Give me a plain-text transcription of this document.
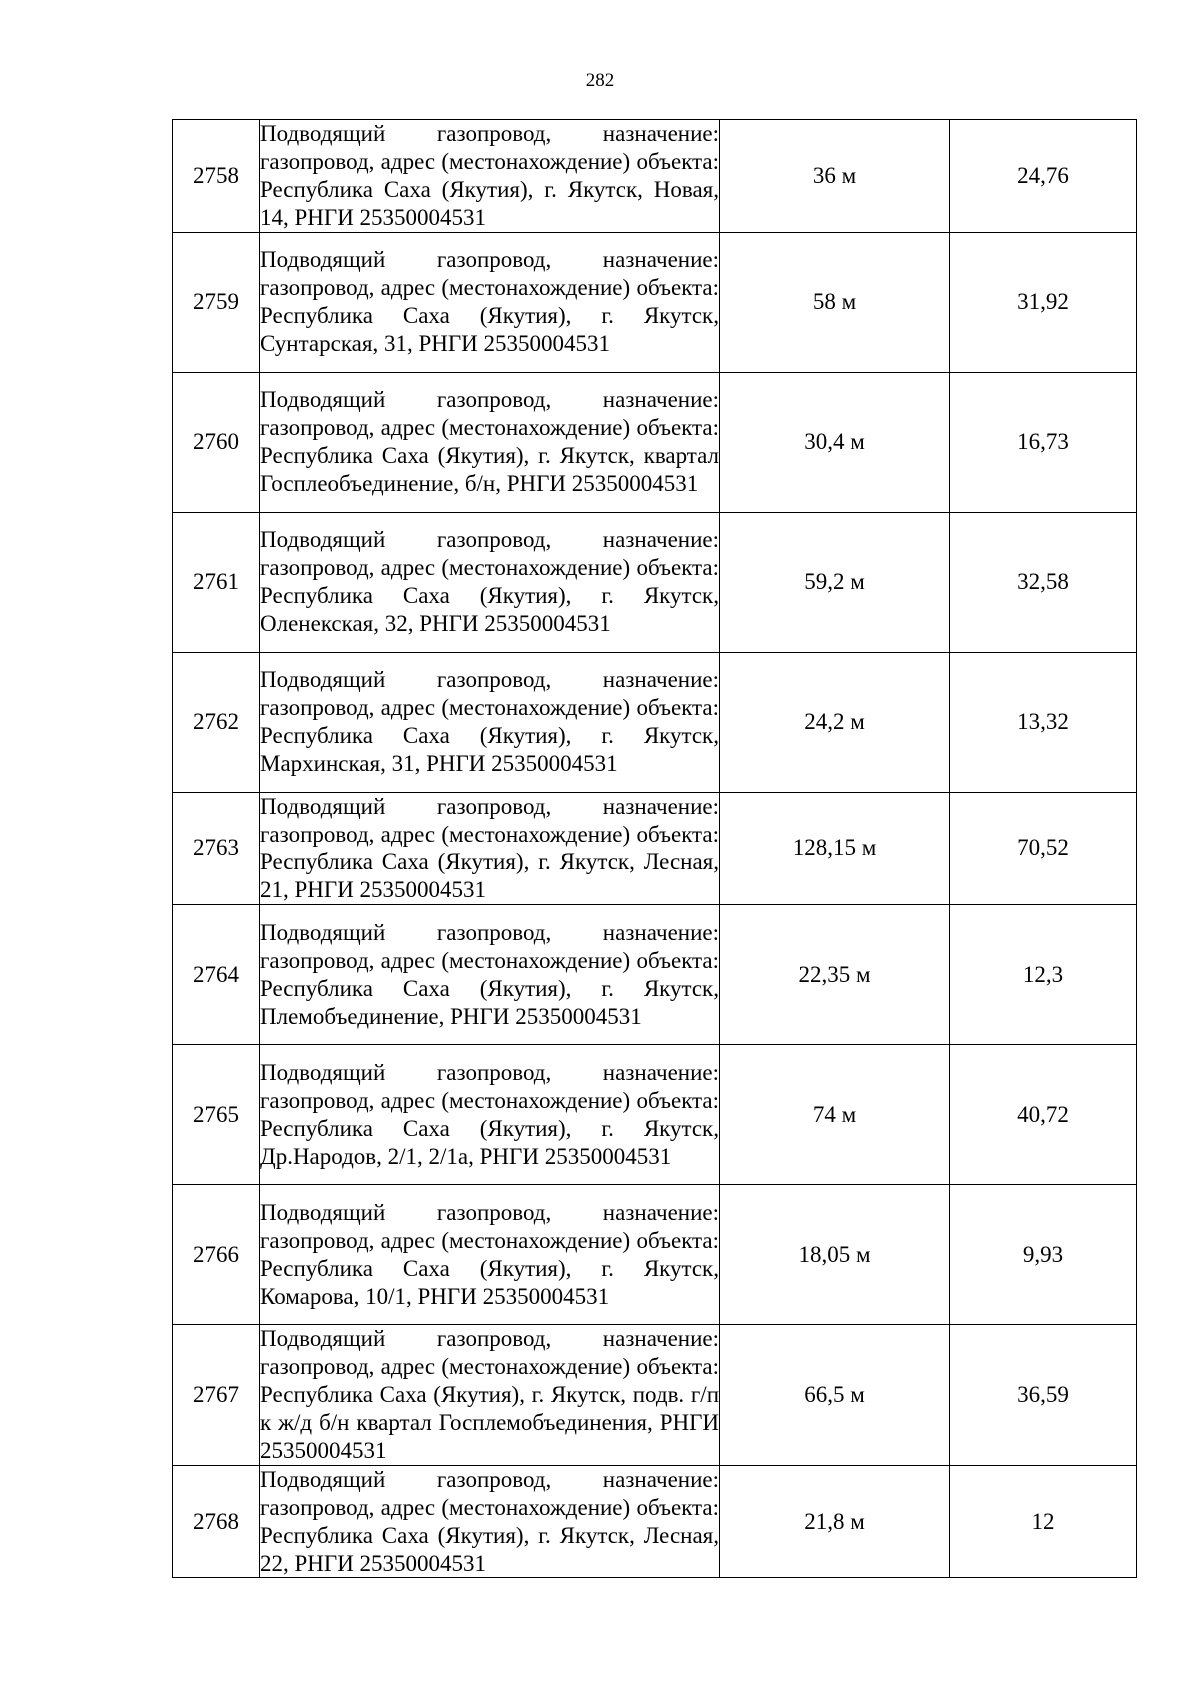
282
2758	Подводящий газопровод, назначение: газопровод, адрес (местонахождение) объекта: Республика Саха (Якутия), г. Якутск, Новая, 14, РНГИ 25350004531	36 м	24,76
2759	Подводящий газопровод, назначение: газопровод, адрес (местонахождение) объекта: Республика Саха (Якутия), г. Якутск, Сунтарская, 31, РНГИ 25350004531	58 м	31,92
2760	Подводящий газопровод, назначение: газопровод, адрес (местонахождение) объекта: Республика Саха (Якутия), г. Якутск, квартал Госплеобъединение, б/н, РНГИ 25350004531	30,4 м	16,73
2761	Подводящий газопровод, назначение: газопровод, адрес (местонахождение) объекта: Республика Саха (Якутия), г. Якутск, Оленекская, 32, РНГИ 25350004531	59,2 м	32,58
2762	Подводящий газопровод, назначение: газопровод, адрес (местонахождение) объекта: Республика Саха (Якутия), г. Якутск, Мархинская, 31, РНГИ 25350004531	24,2 м	13,32
2763	Подводящий газопровод, назначение: газопровод, адрес (местонахождение) объекта: Республика Саха (Якутия), г. Якутск, Лесная, 21, РНГИ 25350004531	128,15 м	70,52
2764	Подводящий газопровод, назначение: газопровод, адрес (местонахождение) объекта: Республика Саха (Якутия), г. Якутск, Племобъединение, РНГИ 25350004531	22,35 м	12,3
2765	Подводящий газопровод, назначение: газопровод, адрес (местонахождение) объекта: Республика Саха (Якутия), г. Якутск, Др.Народов, 2/1, 2/1а, РНГИ 25350004531	74 м	40,72
2766	Подводящий газопровод, назначение: газопровод, адрес (местонахождение) объекта: Республика Саха (Якутия), г. Якутск, Комарова, 10/1, РНГИ 25350004531	18,05 м	9,93
2767	Подводящий газопровод, назначение: газопровод, адрес (местонахождение) объекта: Республика Саха (Якутия), г. Якутск, подв. г/п к ж/д б/н квартал Госплемобъединения, РНГИ 25350004531	66,5 м	36,59
2768	Подводящий газопровод, назначение: газопровод, адрес (местонахождение) объекта: Республика Саха (Якутия), г. Якутск, Лесная, 22, РНГИ 25350004531	21,8 м	12
